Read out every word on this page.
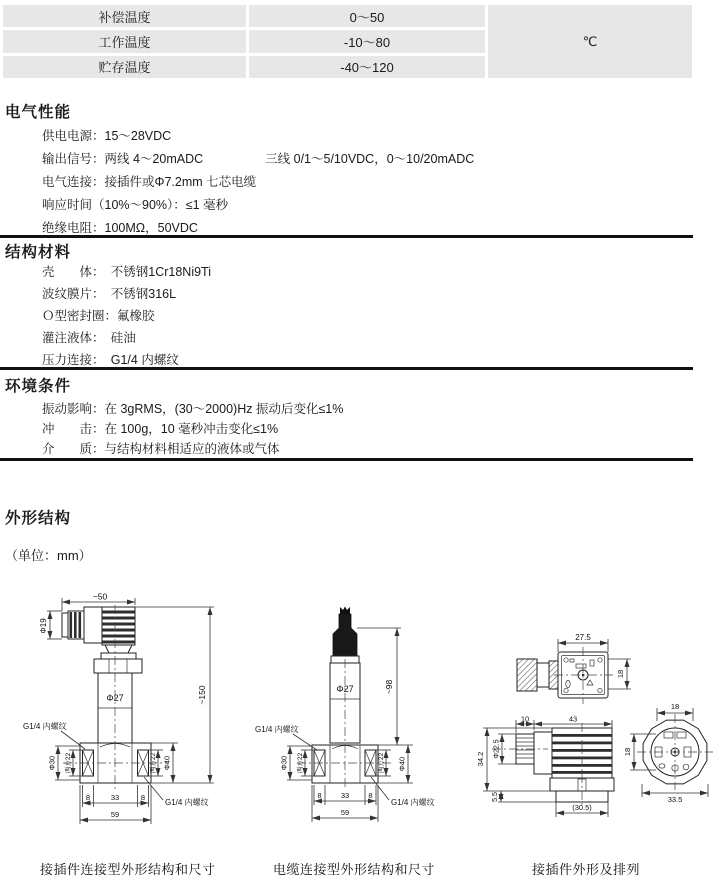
补偿温度	0～50
℃
工作温度	-10～80
贮存温度	-40～120
电气性能
供电电源：15～28VDC
输出信号：两线 4～20mADC	三线 0/1～5/10VDC，0～10/20mADC
电气连接：接插件或Φ7.2mm 七芯电缆
响应时间（10%～90%）：≤1 毫秒
绝缘电阻：100MΩ，50VDC
结构材料
壳　　体：　不锈钢1Cr18Ni9Ti
波纹膜片：　不锈钢316L
Ｏ型密封圈：氟橡胶
灌注液体：　硅油
压力连接：　G1/4 内螺纹
环境条件
振动影响：在 3gRMS，(30～2000)Hz 振动后变化≤1%
冲　　击：在 100g，10 毫秒冲击变化≤1%
介　　质：与结构材料相适应的液体或气体
外形结构
（单位：mm）
~50
Φ19
Φ27	~150
Φ30	两方22	两方22 Φ40
8	33	8
59
G1/4 内螺纹
G1/4 内螺纹
Φ27	~98
Φ30	两方22	两方22 Φ40
8	33	8
59
G1/4 内螺纹
G1/4 内螺纹
27.5
18
10	43
34.2
Φ22.5
5.5
(30.5)
18
18
33.5
接插件连接型外形结构和尺寸	电缆连接型外形结构和尺寸	接插件外形及排列
